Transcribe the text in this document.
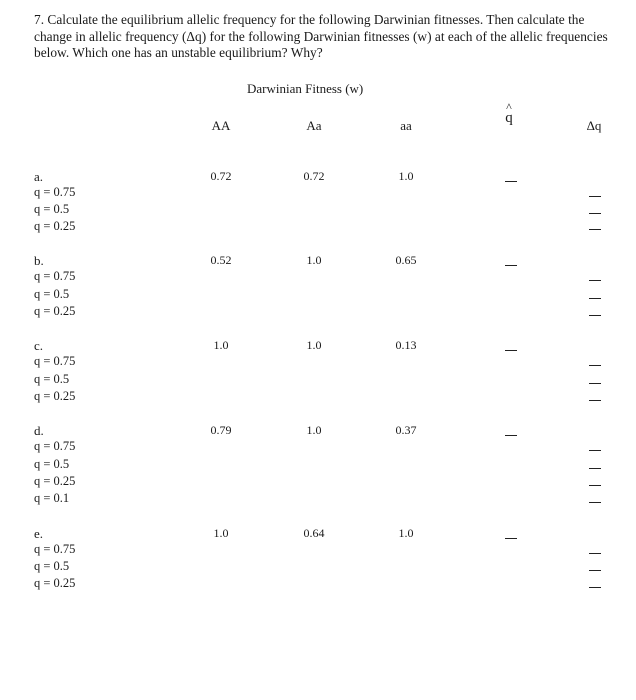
7. Calculate the equilibrium allelic frequency for the following Darwinian fitnesses. Then calculate the change in allelic frequency (Δq) for the following Darwinian fitnesses (w) at each of the allelic frequencies below. Which one has an unstable equilibrium? Why?
Darwinian Fitness (w)
AA	Aa	aa
^
q	Δq
a.	0.72	0.72	1.0
q = 0.75
q = 0.5
q = 0.25
b.	0.52	1.0	0.65
q = 0.75
q = 0.5
q = 0.25
c.	1.0	1.0	0.13
q = 0.75
q = 0.5
q = 0.25
d.	0.79	1.0	0.37
q = 0.75
q = 0.5
q = 0.25
q = 0.1
e.	1.0	0.64	1.0
q = 0.75
q = 0.5
q = 0.25
